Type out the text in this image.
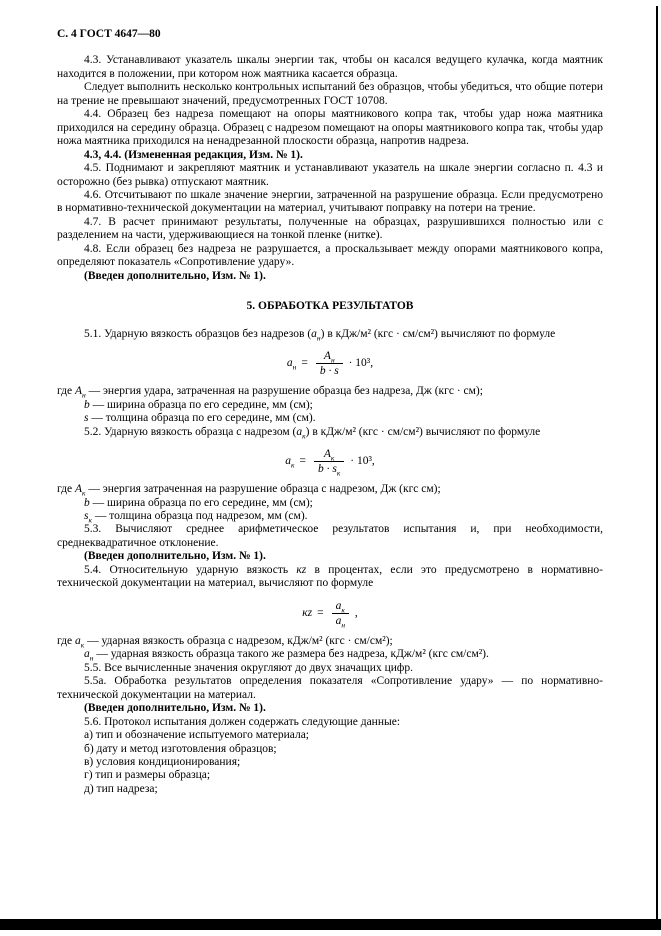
С. 4 ГОСТ 4647—80

4.3. Устанавливают указатель шкалы энергии так, чтобы он касался ведущего кулачка, когда маятник находится в положении, при котором нож маятника касается образца.

Следует выполнить несколько контрольных испытаний без образцов, чтобы убедиться, что общие потери на трение не превышают значений, предусмотренных ГОСТ 10708.

4.4. Образец без надреза помещают на опоры маятникового копра так, чтобы удар ножа маятника приходился на середину образца. Образец с надрезом помещают на опоры маятникового копра так, чтобы удар ножа маятника приходился на ненадрезанной плоскости образца, напротив надреза.

4.3, 4.4. (Измененная редакция, Изм. № 1).

4.5. Поднимают и закрепляют маятник и устанавливают указатель на шкале энергии согласно п. 4.3 и осторожно (без рывка) отпускают маятник.

4.6. Отсчитывают по шкале значение энергии, затраченной на разрушение образца. Если предусмотрено в нормативно-технической документации на материал, учитывают поправку на потери на трение.

4.7. В расчет принимают результаты, полученные на образцах, разрушившихся полностью или с разделением на части, удерживающиеся на тонкой пленке (нитке).

4.8. Если образец без надреза не разрушается, а проскальзывает между опорами маятникового копра, определяют показатель «Сопротивление удару».

(Введен дополнительно, Изм. № 1).

5. ОБРАБОТКА РЕЗУЛЬТАТОВ

5.1. Ударную вязкость образцов без надрезов $(a_н)$ в кДж/м² (кгс · см/см²) вычисляют по формуле

$a_н = \frac{A_н}{b \cdot s} \cdot 10^3$,
где $A_н$ — энергия удара, затраченная на разрушение образца без надреза, Дж (кгс · см);
b — ширина образца по его середине, мм (см);
s — толщина образца по его середине, мм (см).

5.2. Ударную вязкость образца с надрезом $(a_к)$ в кДж/м² (кгс · см/см²) вычисляют по формуле

$a_к = \frac{A_к}{b \cdot s_к} \cdot 10^3$,
где $A_к$ — энергия затраченная на разрушение образца с надрезом, Дж (кгс см);
b — ширина образца по его середине, мм (см);
$s_к$ — толщина образца под надрезом, мм (см).

5.3. Вычисляют среднее арифметическое результатов испытания и, при необходимости, среднеквадратичное отклонение.

(Введен дополнительно, Изм. № 1).

5.4. Относительную ударную вязкость кz в процентах, если это предусмотрено в нормативно-технической документации на материал, вычисляют по формуле

кz = $\frac{a_к}{a_н}$ ,
где $a_к$ — ударная вязкость образца с надрезом, кДж/м² (кгс · см/см²);
$a_н$ — ударная вязкость образца такого же размера без надреза, кДж/м² (кгс см/см²).

5.5. Все вычисленные значения округляют до двух значащих цифр.

5.5а. Обработка результатов определения показателя «Сопротивление удару» — по нормативно-технической документации на материал.

(Введен дополнительно, Изм. № 1).

5.6. Протокол испытания должен содержать следующие данные:

а) тип и обозначение испытуемого материала;

б) дату и метод изготовления образцов;

в) условия кондиционирования;

г) тип и размеры образца;

д) тип надреза;
